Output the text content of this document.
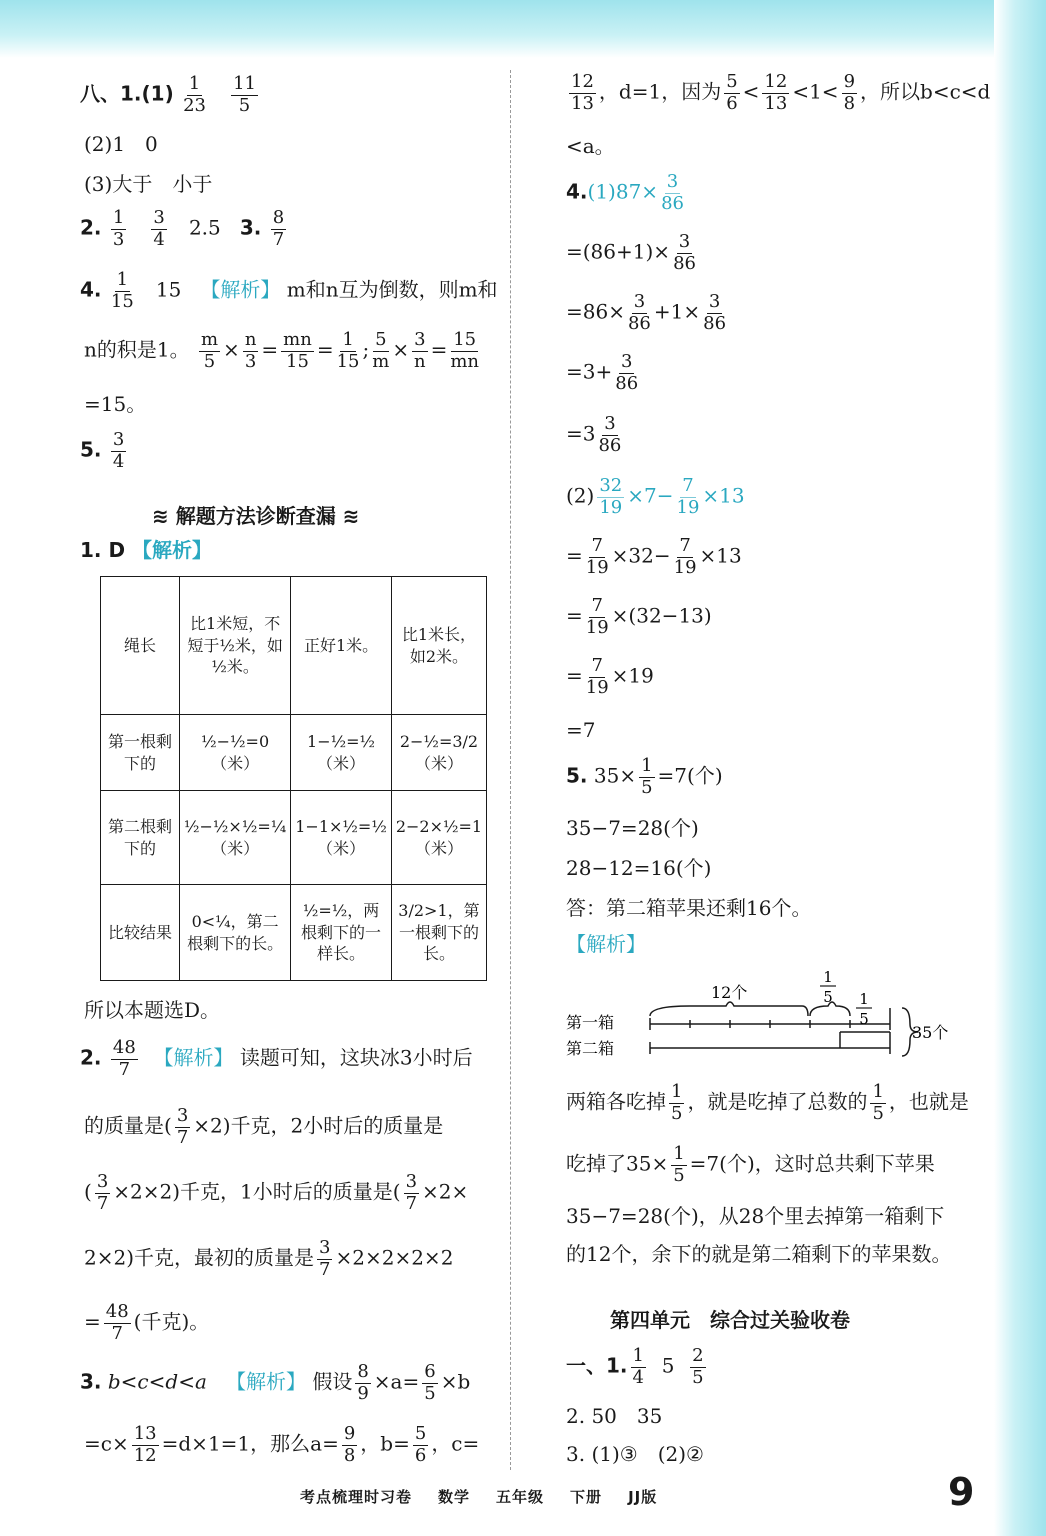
八、$1.(1) \frac{1}{23}$
$\frac{11}{5}$
(2)1　0
(3)大于　小于
2. $\frac{1}{3}$
$\frac{3}{4} 2.5$ 3. $\frac{8}{7}$
4. $\frac{1}{15} 15$ 【解析】 m和n互为倒数，则m和
n的积是1。 $\frac{m}{5} \times \frac{n}{3} = \frac{mn}{15} = \frac{1}{15}$ ; $\frac{5}{m} \times \frac{3}{n} = \frac{15}{mn}$
=15。
5. $\frac{3}{4}$
≋ 解题方法诊断查漏 ≋
1. D 【解析】
绳长	比1米短，不短于½米，如½米。	正好1米。	比1米长，如2米。
第一根剩下的	½−½=0（米）	1−½=½（米）	2−½=3/2（米）
第二根剩下的	½−½×½=¼（米）	1−1×½=½（米）	2−2×½=1（米）
比较结果	0<¼，第二根剩下的长。	½=½，两根剩下的一样长。	3/2>1，第一根剩下的长。
所以本题选D。
2. $\frac{48}{7}$ 【解析】 读题可知，这块冰3小时后
的质量是( $\frac{3}{7} \times 2$)千克，2小时后的质量是
( $\frac{3}{7} \times 2\times 2$)千克，1小时后的质量是( $\frac{3}{7} \times 2\times$
2×2)千克，最初的质量是 $\frac{3}{7} \times 2\times 2\times 2\times 2$
= $\frac{48}{7}$ (千克)。
3. b<c<d<a 【解析】 假设 $\frac{8}{9} \times a= \frac{6}{5} \times b$
$=c\times \frac{13}{12} =d\times 1=1$，那么$a= \frac{9}{8}$ ，$b= \frac{5}{6}$ ，c=
$\frac{12}{13}$ ，d=1，因为 $\frac{5}{6} < \frac{12}{13} <1< \frac{9}{8}$ ，所以b<c<d
<a。
$4.(1)87\times \frac{3}{86}$
$=(86+1)\times \frac{3}{86}$
$=86\times \frac{3}{86} +1\times \frac{3}{86}$
$=3+ \frac{3}{86}$
$=3 \frac{3}{86}$
$(2) \frac{32}{19} \times 7- \frac{7}{19} \times 13$
= $\frac{7}{19} \times 32- \frac{7}{19} \times 13$
= $\frac{7}{19} \times(32-13)$
= $\frac{7}{19} \times 19$
=7
5. $35\times \frac{1}{5} =7$(个)
35−7=28(个)
28−12=16(个)
答：第二箱苹果还剩16个。
【解析】
第一箱
第二箱
12个
35个
1
5 1
5
两箱各吃掉 $\frac{1}{5}$ ，就是吃掉了总数的 $\frac{1}{5}$ ，也就是
吃掉了$35\times \frac{1}{5} =7$(个)，这时总共剩下苹果
35−7=28(个)，从28个里去掉第一箱剩下
的12个，余下的就是第二箱剩下的苹果数。
第四单元　综合过关验收卷
一、1. $\frac{1}{4} 5 \frac{2}{5}$
2. 50　35
3. (1)③　(2)②
考点梳理时习卷 数学 五年级 下册 JJ版	9
